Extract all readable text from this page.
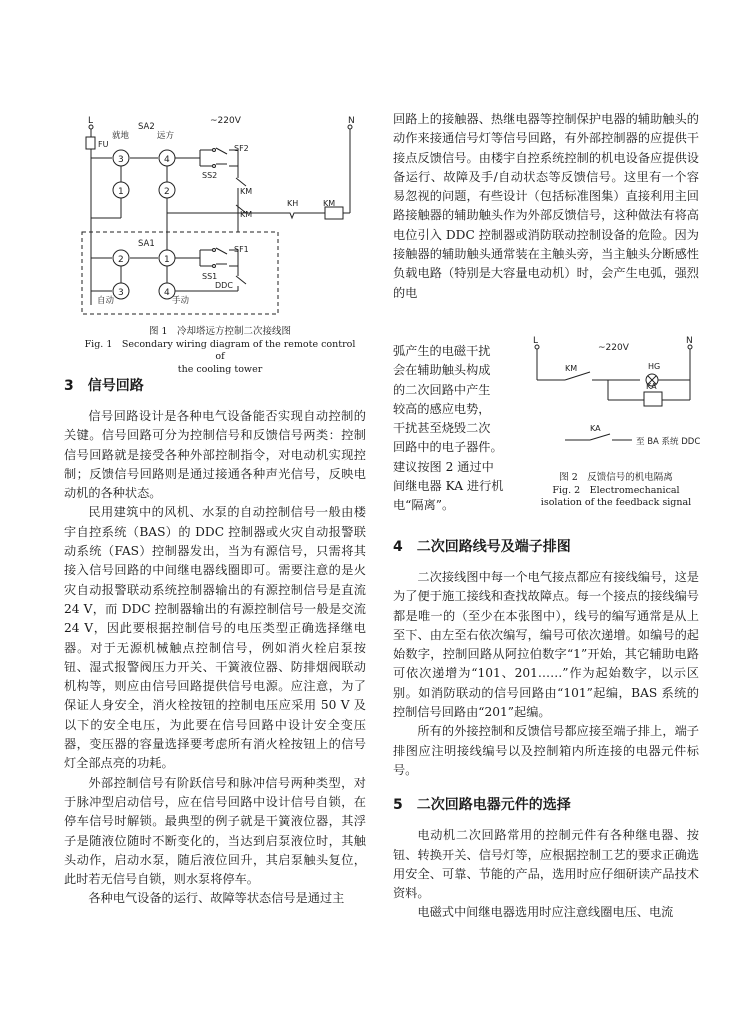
L	N
~220V
SA2
就地	远方
FU
3	4
1	2
SF2
SS2
KM
KM
KH	KM
SA1
2	1
3	4
自动	手动
SF1
SS1
DDC
图 1　冷却塔远方控制二次接线图
Fig. 1　Secondary wiring diagram of the remote control of
the cooling tower

3　信号回路

信号回路设计是各种电气设备能否实现自动控制的关键。信号回路可分为控制信号和反馈信号两类：控制信号回路就是接受各种外部控制指令，对电动机实现控制；反馈信号回路则是通过接通各种声光信号，反映电动机的各种状态。

民用建筑中的风机、水泵的自动控制信号一般由楼宇自控系统（BAS）的 DDC 控制器或火灾自动报警联动系统（FAS）控制器发出，当为有源信号，只需将其接入信号回路的中间继电器线圈即可。需要注意的是火灾自动报警联动系统控制器输出的有源控制信号是直流 24 V，而 DDC 控制器输出的有源控制信号一般是交流 24 V，因此要根据控制信号的电压类型正确选择继电器。对于无源机械触点控制信号，例如消火栓启泵按钮、湿式报警阀压力开关、干簧液位器、防排烟阀联动机构等，则应由信号回路提供信号电源。应注意，为了保证人身安全，消火栓按钮的控制电压应采用 50 V 及以下的安全电压，为此要在信号回路中设计安全变压器，变压器的容量选择要考虑所有消火栓按钮上的信号灯全部点亮的功耗。

外部控制信号有阶跃信号和脉冲信号两种类型，对于脉冲型启动信号，应在信号回路中设计信号自锁，在停车信号时解锁。最典型的例子就是干簧液位器，其浮子是随液位随时不断变化的，当达到启泵液位时，其触头动作，启动水泵，随后液位回升，其启泵触头复位，此时若无信号自锁，则水泵将停车。

各种电气设备的运行、故障等状态信号是通过主

回路上的接触器、热继电器等控制保护电器的辅助触头的动作来接通信号灯等信号回路，有外部控制器的应提供干接点反馈信号。由楼宇自控系统控制的机电设备应提供设备运行、故障及手/自动状态等反馈信号。这里有一个容易忽视的问题，有些设计（包括标准图集）直接利用主回路接触器的辅助触头作为外部反馈信号，这种做法有将高电位引入 DDC 控制器或消防联动控制设备的危险。因为接触器的辅助触头通常装在主触头旁，当主触头分断感性负载电路（特别是大容量电动机）时，会产生电弧，强烈的电

弧产生的电磁干扰
会在辅助触头构成
的二次回路中产生
较高的感应电势，
干扰甚至烧毁二次
回路中的电子器件。
建议按图 2 通过中
间继电器 KA 进行机
电“隔离”。
L	N
~220V
KM	HG
KA
KA
至 BA 系统 DDC
图 2　反馈信号的机电隔离
Fig. 2　Electromechanical
isolation of the feedback signal

4　二次回路线号及端子排图

二次接线图中每一个电气接点都应有接线编号，这是为了便于施工接线和查找故障点。每一个接点的接线编号都是唯一的（至少在本张图中），线号的编写通常是从上至下、由左至右依次编写，编号可依次递增。如编号的起始数字，控制回路从阿拉伯数字“1”开始，其它辅助电路可依次递增为“101、201……”作为起始数字，以示区别。如消防联动的信号回路由“101”起编，BAS 系统的控制信号回路由“201”起编。

所有的外接控制和反馈信号都应接至端子排上，端子排图应注明接线编号以及控制箱内所连接的电器元件标号。

5　二次回路电器元件的选择

电动机二次回路常用的控制元件有各种继电器、按钮、转换开关、信号灯等，应根据控制工艺的要求正确选用安全、可靠、节能的产品，选用时应仔细研读产品技术资料。

电磁式中间继电器选用时应注意线圈电压、电流
